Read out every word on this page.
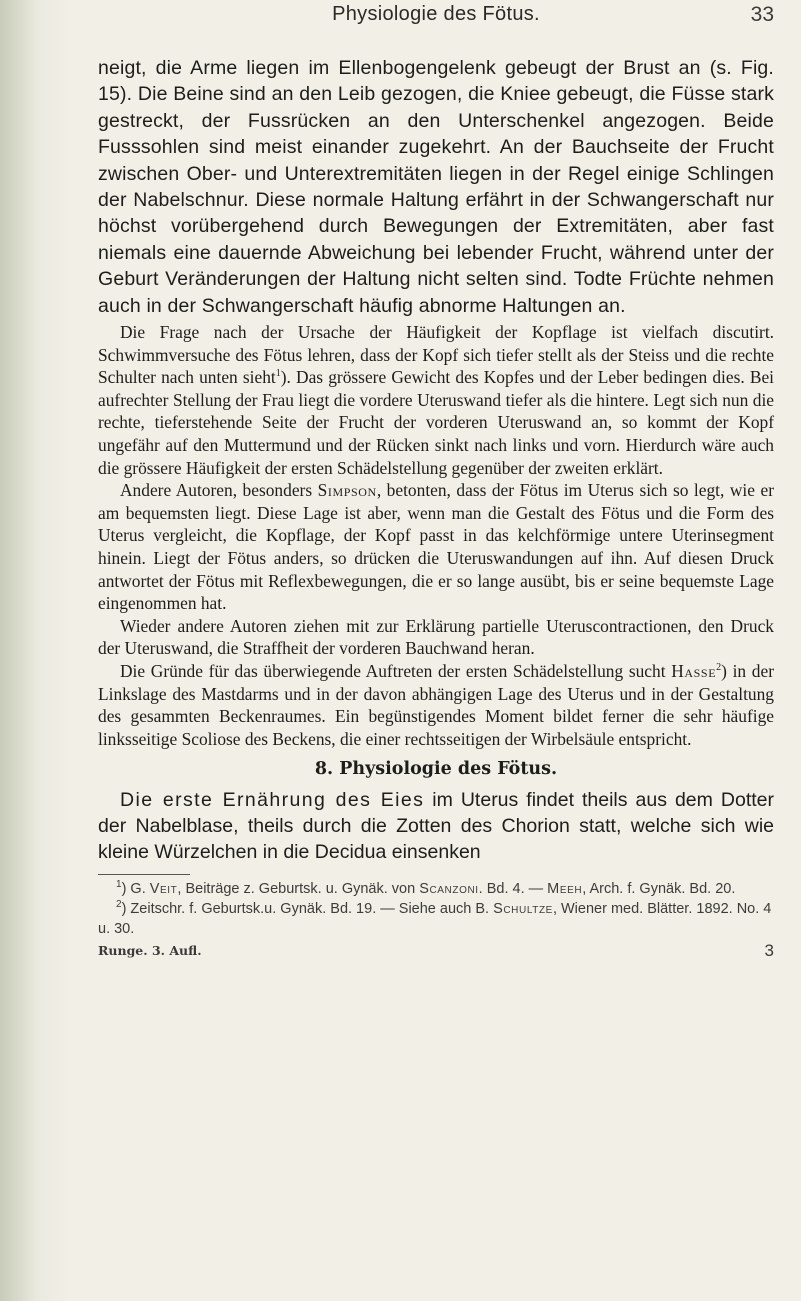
Physiologie des Fötus.	33

neigt, die Arme liegen im Ellenbogengelenk gebeugt der Brust an (s. Fig. 15). Die Beine sind an den Leib gezogen, die Kniee gebeugt, die Füsse stark gestreckt, der Fussrücken an den Unterschenkel angezogen. Beide Fusssohlen sind meist einander zugekehrt. An der Bauchseite der Frucht zwischen Ober- und Unterextremitäten liegen in der Regel einige Schlingen der Nabelschnur. Diese normale Haltung erfährt in der Schwangerschaft nur höchst vorübergehend durch Bewegungen der Extremitäten, aber fast niemals eine dauernde Abweichung bei lebender Frucht, während unter der Geburt Veränderungen der Haltung nicht selten sind. Todte Früchte nehmen auch in der Schwangerschaft häufig abnorme Haltungen an.

Die Frage nach der Ursache der Häufigkeit der Kopflage ist vielfach discutirt. Schwimmversuche des Fötus lehren, dass der Kopf sich tiefer stellt als der Steiss und die rechte Schulter nach unten sieht$^1$). Das grössere Gewicht des Kopfes und der Leber bedingen dies. Bei aufrechter Stellung der Frau liegt die vordere Uteruswand tiefer als die hintere. Legt sich nun die rechte, tieferstehende Seite der Frucht der vorderen Uteruswand an, so kommt der Kopf ungefähr auf den Muttermund und der Rücken sinkt nach links und vorn. Hierdurch wäre auch die grössere Häufigkeit der ersten Schädelstellung gegenüber der zweiten erklärt.

Andere Autoren, besonders Simpson, betonten, dass der Fötus im Uterus sich so legt, wie er am bequemsten liegt. Diese Lage ist aber, wenn man die Gestalt des Fötus und die Form des Uterus vergleicht, die Kopflage, der Kopf passt in das kelchförmige untere Uterinsegment hinein. Liegt der Fötus anders, so drücken die Uteruswandungen auf ihn. Auf diesen Druck antwortet der Fötus mit Reflexbewegungen, die er so lange ausübt, bis er seine bequemste Lage eingenommen hat.

Wieder andere Autoren ziehen mit zur Erklärung partielle Uteruscontractionen, den Druck der Uteruswand, die Straffheit der vorderen Bauchwand heran.

Die Gründe für das überwiegende Auftreten der ersten Schädelstellung sucht Hasse$^2$) in der Linkslage des Mastdarms und in der davon abhängigen Lage des Uterus und in der Gestaltung des gesammten Beckenraumes. Ein begünstigendes Moment bildet ferner die sehr häufige linksseitige Scoliose des Beckens, die einer rechtsseitigen der Wirbelsäule entspricht.

8. Physiologie des Fötus.

Die erste Ernährung des Eies im Uterus findet theils aus dem Dotter der Nabelblase, theils durch die Zotten des Chorion statt, welche sich wie kleine Würzelchen in die Decidua einsenken

$^1$) G. Veit, Beiträge z. Geburtsk. u. Gynäk. von Scanzoni. Bd. 4. — Meeh, Arch. f. Gynäk. Bd. 20.

$^2$) Zeitschr. f. Geburtsk.u. Gynäk. Bd. 19. — Siehe auch B. Schultze, Wiener med. Blätter. 1892. No. 4 u. 30.

Runge. 3. Aufl.	3
